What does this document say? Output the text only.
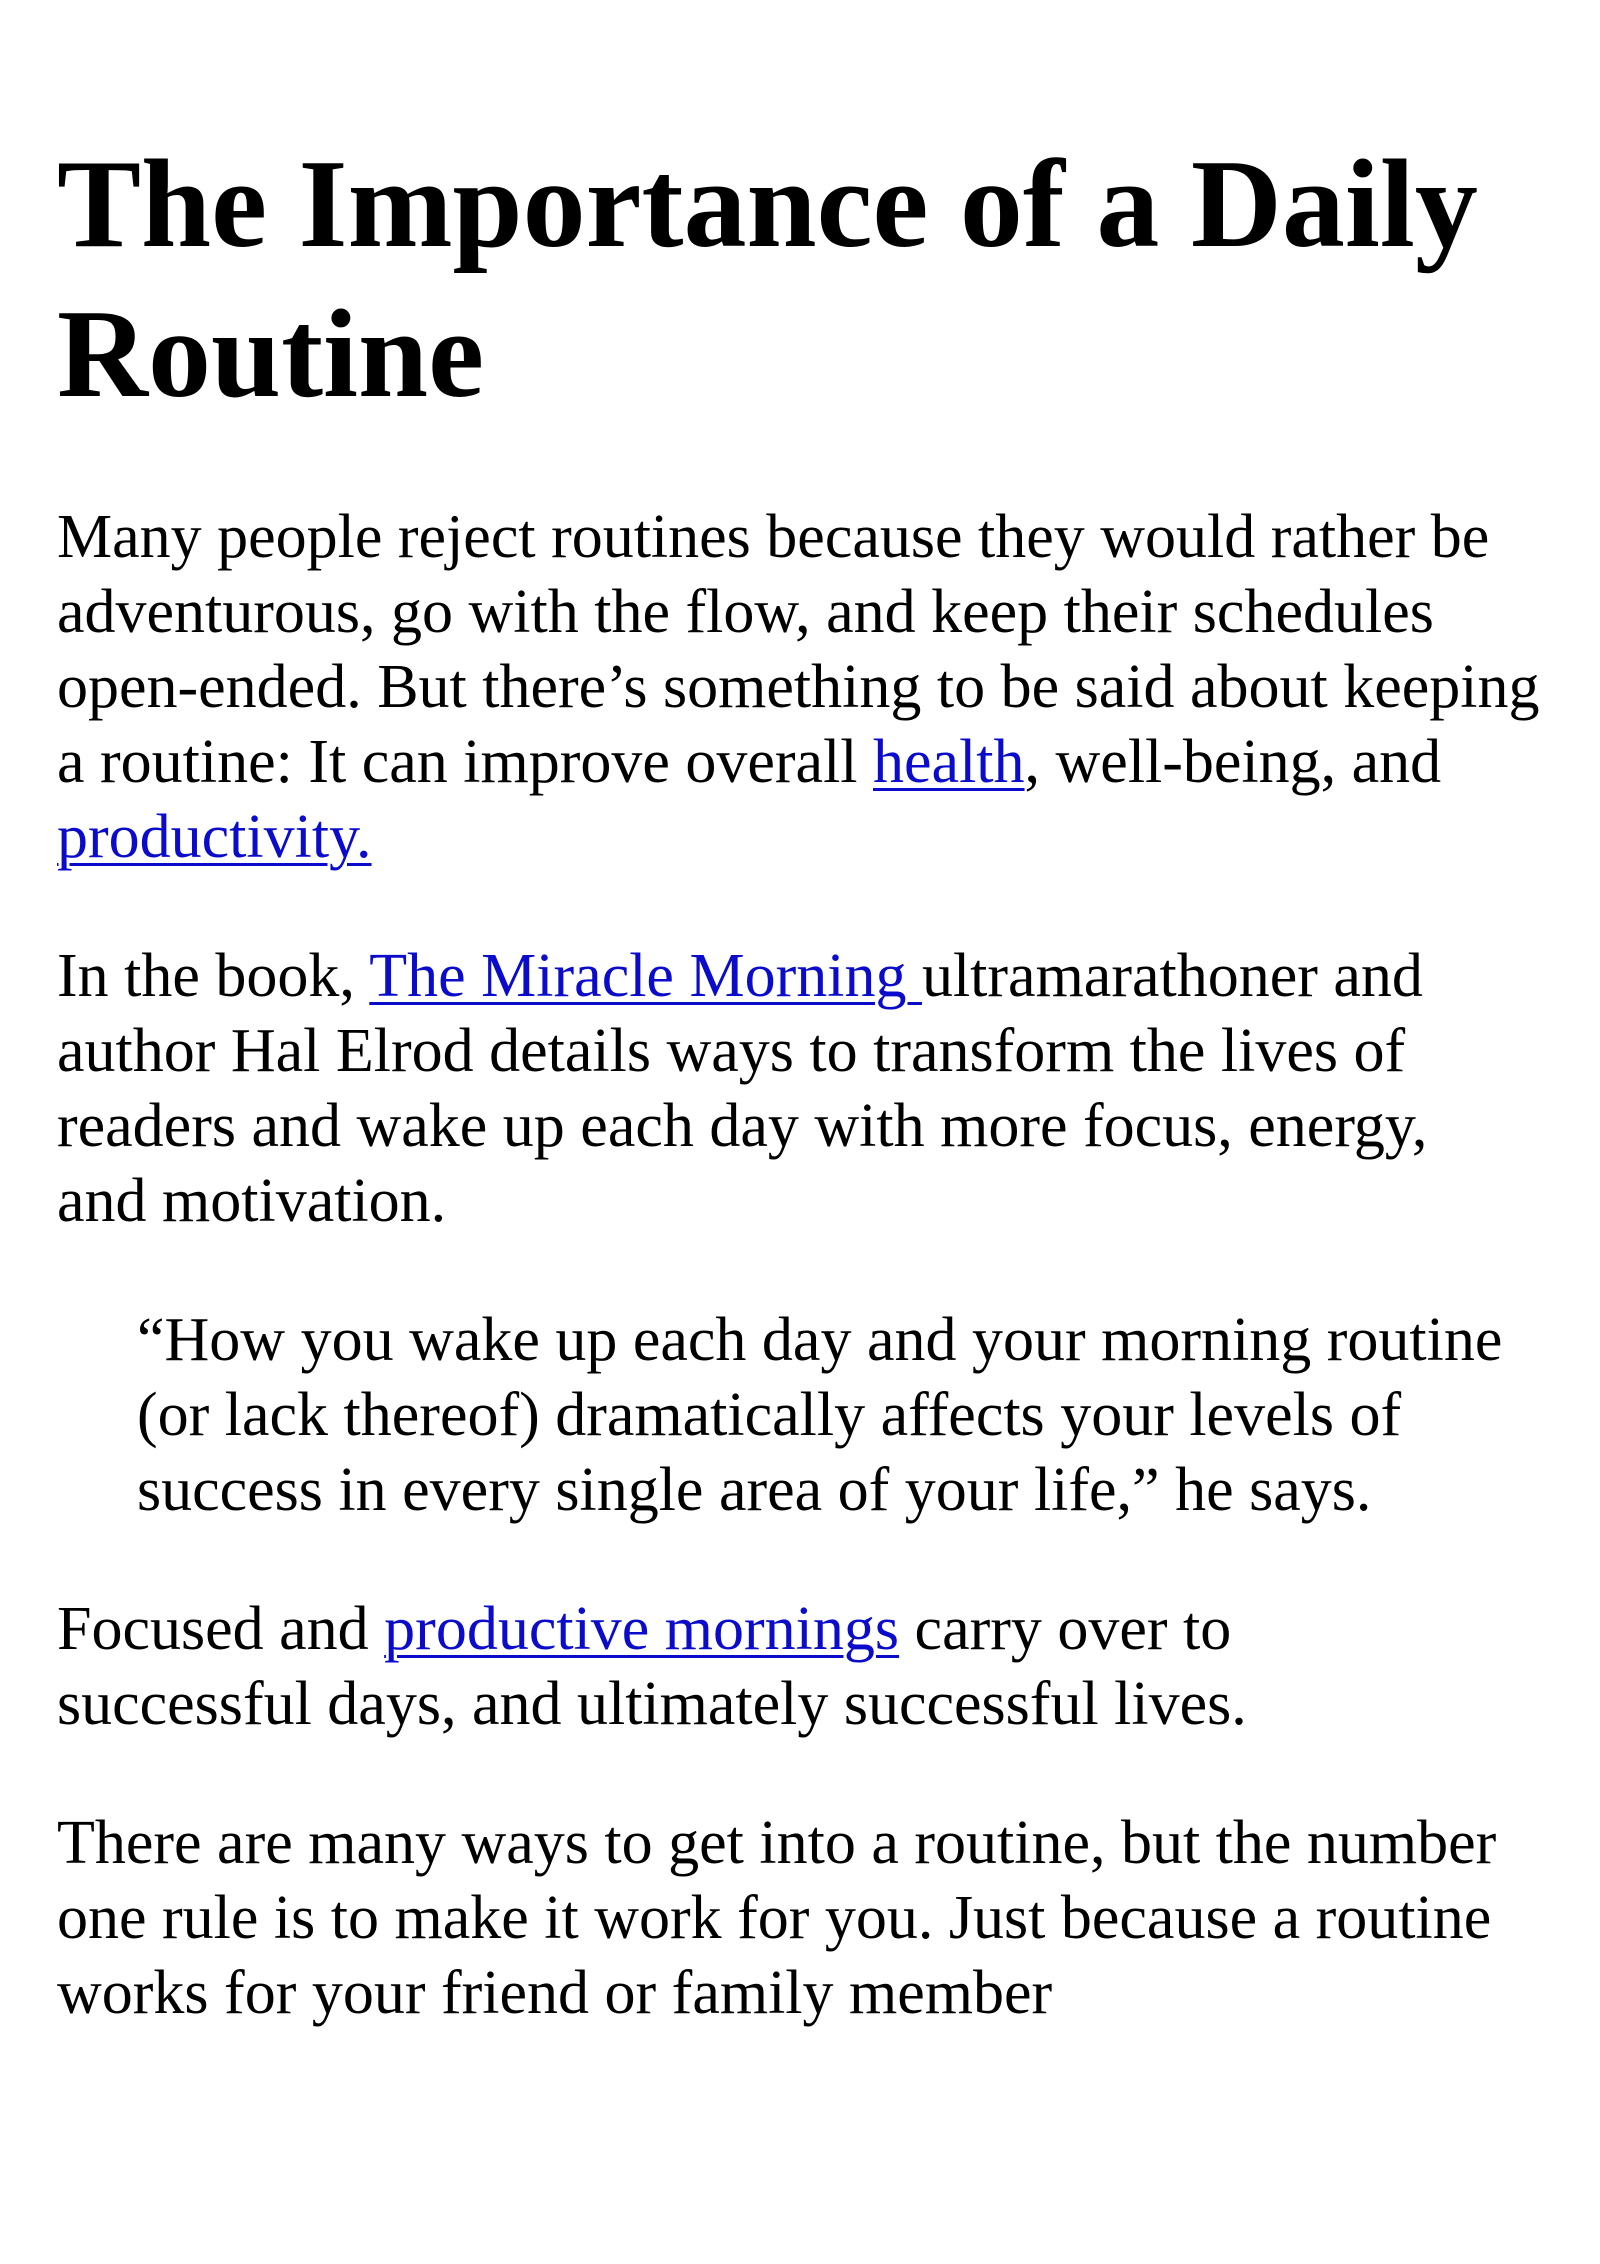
The Importance of a Daily Routine

Many people reject routines because they would rather be adventurous, go with the flow, and keep their schedules open-ended. But there’s something to be said about keeping a routine: It can improve overall health, well-being, and productivity.

In the book, The Miracle Morning ultramarathoner and author Hal Elrod details ways to transform the lives of readers and wake up each day with more focus, energy, and motivation.

“How you wake up each day and your morning routine (or lack thereof) dramatically affects your levels of success in every single area of your life,” he says.

Focused and productive mornings carry over to successful days, and ultimately successful lives.

There are many ways to get into a routine, but the number one rule is to make it work for you. Just because a routine works for your friend or family member
